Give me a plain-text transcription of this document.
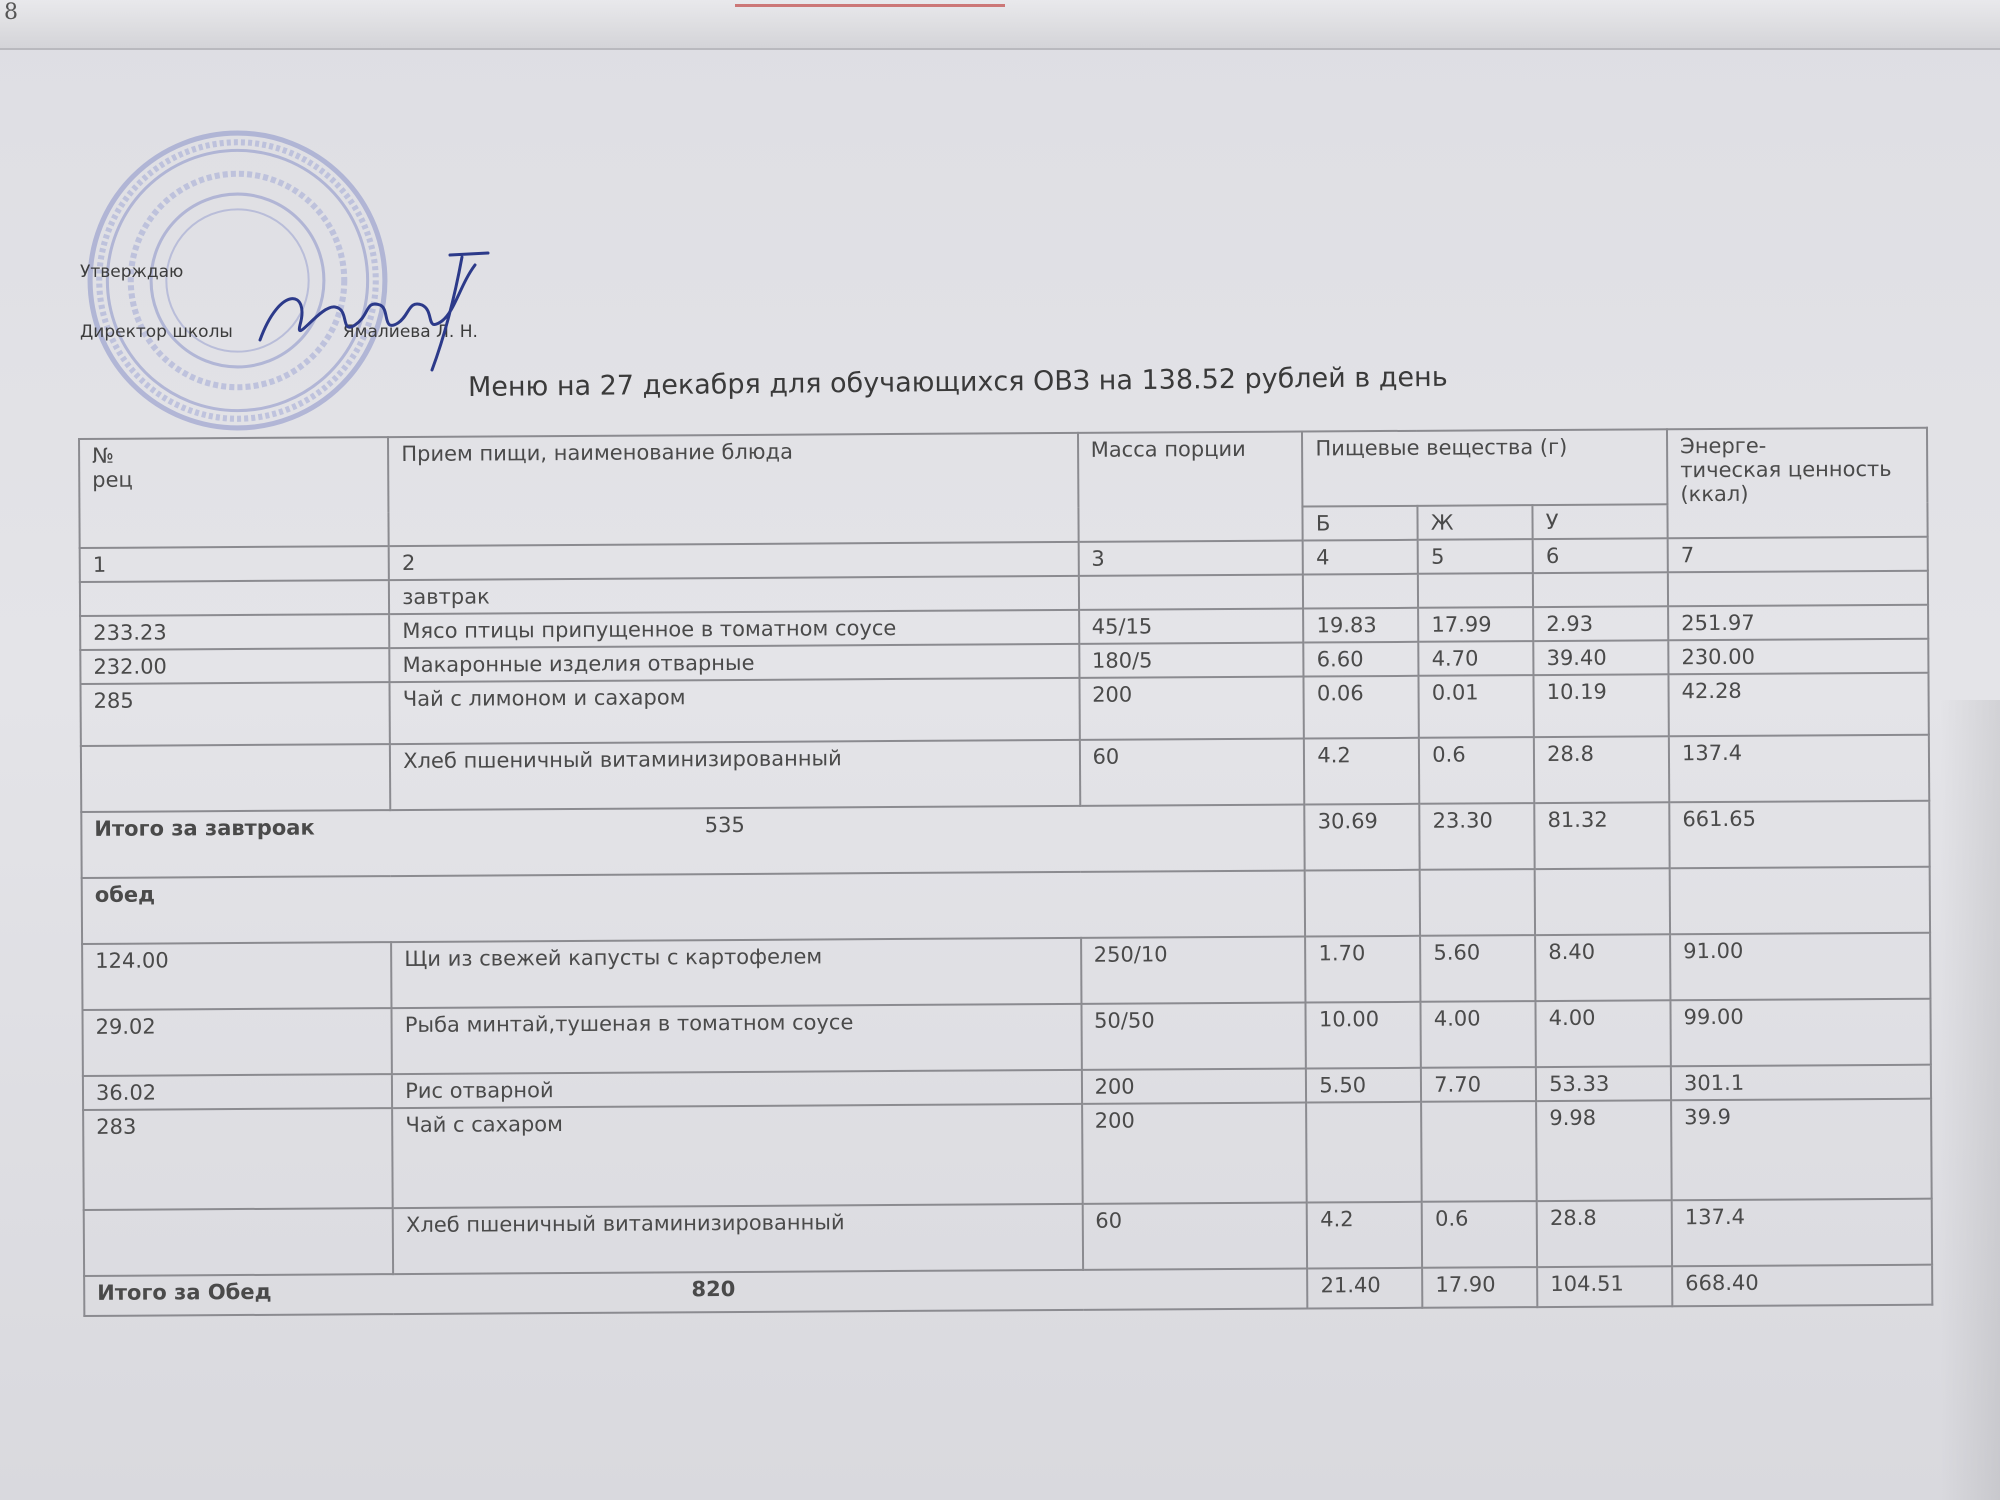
8
Утверждаю
Директор школы	Ямалиева Л. Н.
Меню на 27 декабря для обучающихся ОВЗ на 138.52 рублей в день
№
рец	Прием пищи, наименование блюда	Масса порции	Пищевые вещества (г)			Энерге-
тическая ценность
(ккал)
			Б	Ж	У	
1	2	3	4	5	6	7
	завтрак					
233.23	Мясо птицы припущенное в томатном соусе	45/15	19.83	17.99	2.93	251.97
232.00	Макаронные изделия отварные	180/5	6.60	4.70	39.40	230.00
285	Чай с лимоном и сахаром	200	0.06	0.01	10.19	42.28
	Хлеб пшеничный витаминизированный	60	4.2	0.6	28.8	137.4
Итого за завтроак 535			30.69	23.30	81.32	661.65
обед						
124.00	Щи из свежей капусты с картофелем	250/10	1.70	5.60	8.40	91.00
29.02	Рыба минтай,тушеная в томатном соусе	50/50	10.00	4.00	4.00	99.00
36.02	Рис отварной	200	5.50	7.70	53.33	301.1
283	Чай с сахаром	200			9.98	39.9
	Хлеб пшеничный витаминизированный	60	4.2	0.6	28.8	137.4
Итого за Обед 820			21.40	17.90	104.51	668.40
